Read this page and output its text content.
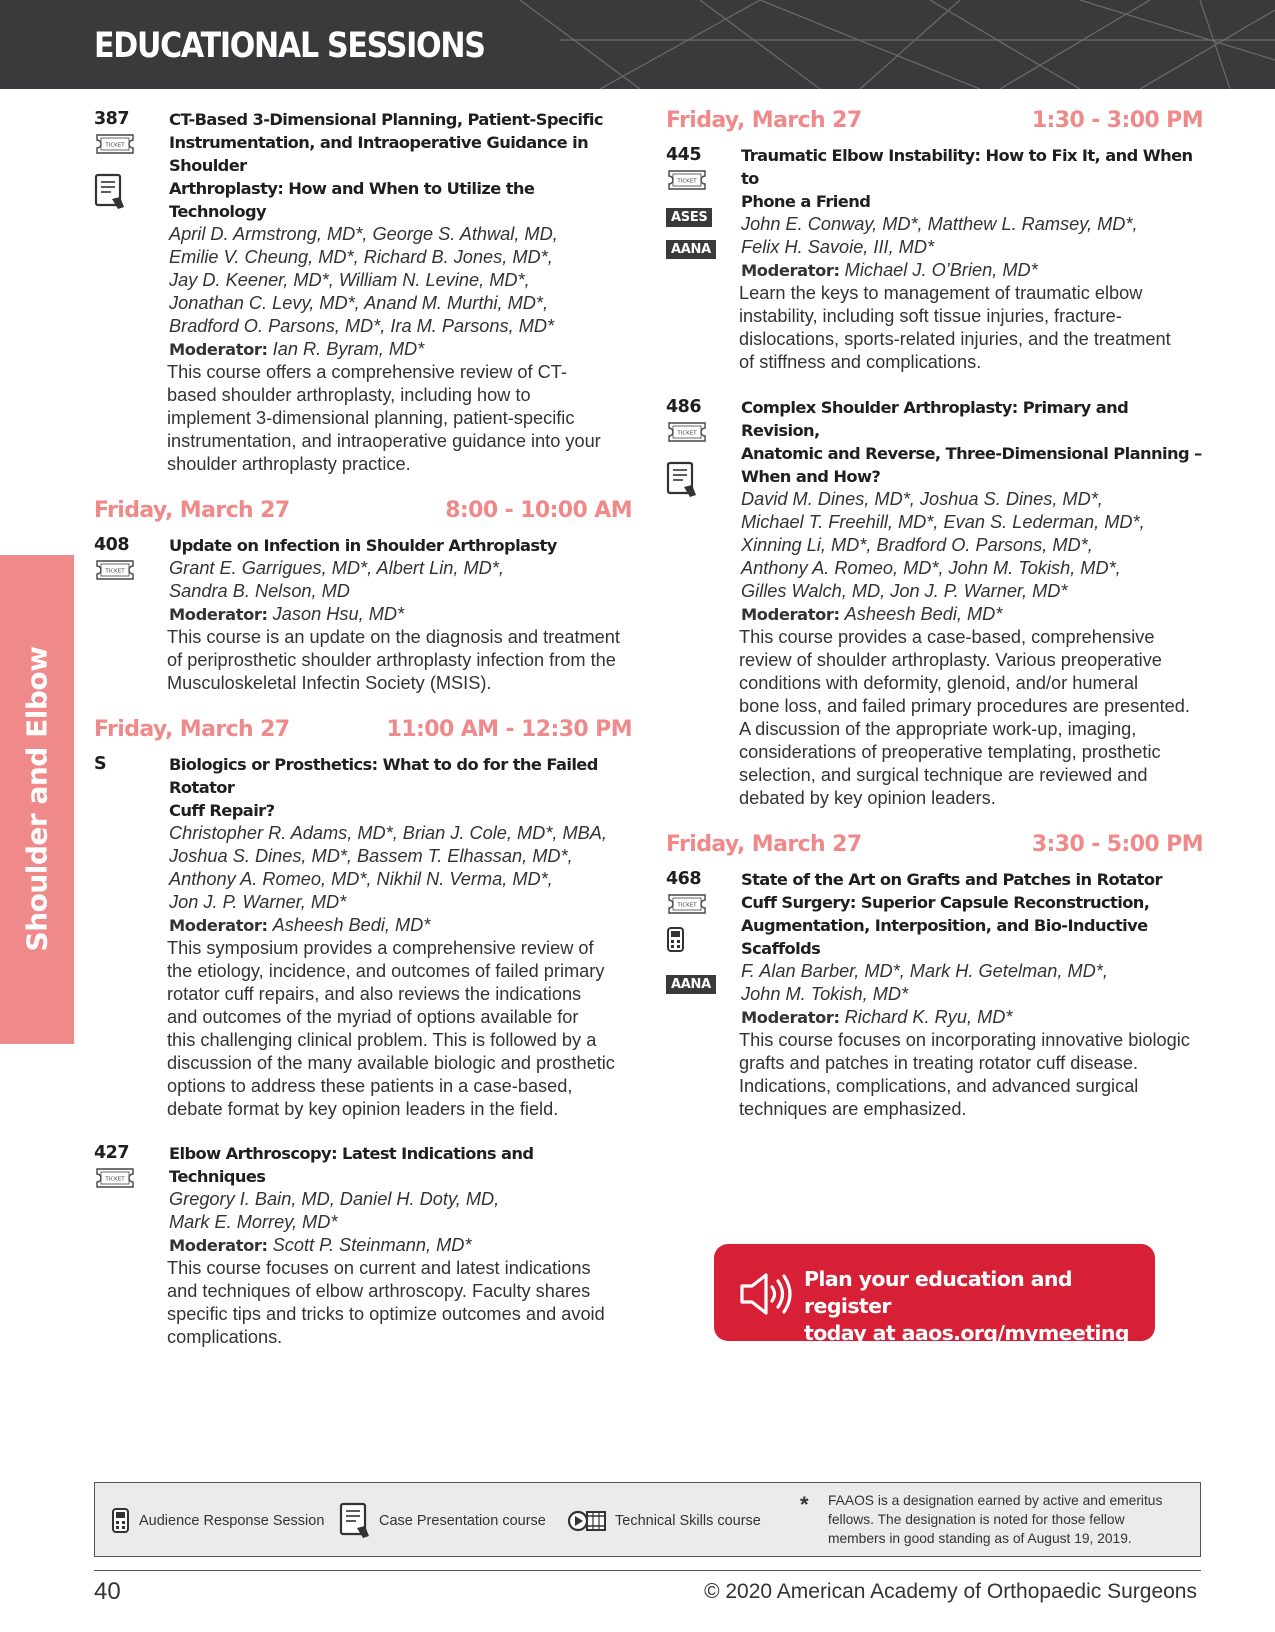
EDUCATIONAL SESSIONS
Shoulder and Elbow
387
TICKET
CT-Based 3-Dimensional Planning, Patient-Specific
Instrumentation, and Intraoperative Guidance in Shoulder
Arthroplasty: How and When to Utilize the Technology
April D. Armstrong, MD*, George S. Athwal, MD,
Emilie V. Cheung, MD*, Richard B. Jones, MD*,
Jay D. Keener, MD*, William N. Levine, MD*,
Jonathan C. Levy, MD*, Anand M. Murthi, MD*,
Bradford O. Parsons, MD*, Ira M. Parsons, MD*
Moderator: Ian R. Byram, MD*
This course offers a comprehensive review of CT-
based shoulder arthroplasty, including how to
implement 3-dimensional planning, patient-specific
instrumentation, and intraoperative guidance into your
shoulder arthroplasty practice.
Friday, March 27	8:00 - 10:00 AM
408
TICKET
Update on Infection in Shoulder Arthroplasty
Grant E. Garrigues, MD*, Albert Lin, MD*,
Sandra B. Nelson, MD
Moderator: Jason Hsu, MD*
This course is an update on the diagnosis and treatment
of periprosthetic shoulder arthroplasty infection from the
Musculoskeletal Infectin Society (MSIS).
Friday, March 27	11:00 AM - 12:30 PM
S	Biologics or Prosthetics: What to do for the Failed Rotator
Cuff Repair?
Christopher R. Adams, MD*, Brian J. Cole, MD*, MBA,
Joshua S. Dines, MD*, Bassem T. Elhassan, MD*,
Anthony A. Romeo, MD*, Nikhil N. Verma, MD*,
Jon J. P. Warner, MD*
Moderator: Asheesh Bedi, MD*
This symposium provides a comprehensive review of
the etiology, incidence, and outcomes of failed primary
rotator cuff repairs, and also reviews the indications
and outcomes of the myriad of options available for
this challenging clinical problem. This is followed by a
discussion of the many available biologic and prosthetic
options to address these patients in a case-based,
debate format by key opinion leaders in the field.
427
TICKET
Elbow Arthroscopy: Latest Indications and Techniques
Gregory I. Bain, MD, Daniel H. Doty, MD,
Mark E. Morrey, MD*
Moderator: Scott P. Steinmann, MD*
This course focuses on current and latest indications
and techniques of elbow arthroscopy. Faculty shares
specific tips and tricks to optimize outcomes and avoid
complications.
Friday, March 27	1:30 - 3:00 PM
445
TICKET
ASES
AANA
Traumatic Elbow Instability: How to Fix It, and When to
Phone a Friend
John E. Conway, MD*, Matthew L. Ramsey, MD*,
Felix H. Savoie, III, MD*
Moderator: Michael J. O’Brien, MD*
Learn the keys to management of traumatic elbow
instability, including soft tissue injuries, fracture-
dislocations, sports-related injuries, and the treatment
of stiffness and complications.
486
TICKET
Complex Shoulder Arthroplasty: Primary and Revision,
Anatomic and Reverse, Three-Dimensional Planning –
When and How?
David M. Dines, MD*, Joshua S. Dines, MD*,
Michael T. Freehill, MD*, Evan S. Lederman, MD*,
Xinning Li, MD*, Bradford O. Parsons, MD*,
Anthony A. Romeo, MD*, John M. Tokish, MD*,
Gilles Walch, MD, Jon J. P. Warner, MD*
Moderator: Asheesh Bedi, MD*
This course provides a case-based, comprehensive
review of shoulder arthroplasty. Various preoperative
conditions with deformity, glenoid, and/or humeral
bone loss, and failed primary procedures are presented.
A discussion of the appropriate work-up, imaging,
considerations of preoperative templating, prosthetic
selection, and surgical technique are reviewed and
debated by key opinion leaders.
Friday, March 27	3:30 - 5:00 PM
468
TICKET
AANA
State of the Art on Grafts and Patches in Rotator
Cuff Surgery: Superior Capsule Reconstruction,
Augmentation, Interposition, and Bio-Inductive Scaffolds
F. Alan Barber, MD*, Mark H. Getelman, MD*,
John M. Tokish, MD*
Moderator: Richard K. Ryu, MD*
This course focuses on incorporating innovative biologic
grafts and patches in treating rotator cuff disease.
Indications, complications, and advanced surgical
techniques are emphasized.
Plan your education and register
today at aaos.org/mymeeting
Audience Response Session	Case Presentation course	Technical Skills course
* FAAOS is a designation earned by active and emeritus
fellows. The designation is noted for those fellow
members in good standing as of August 19, 2019.
40	© 2020 American Academy of Orthopaedic Surgeons
